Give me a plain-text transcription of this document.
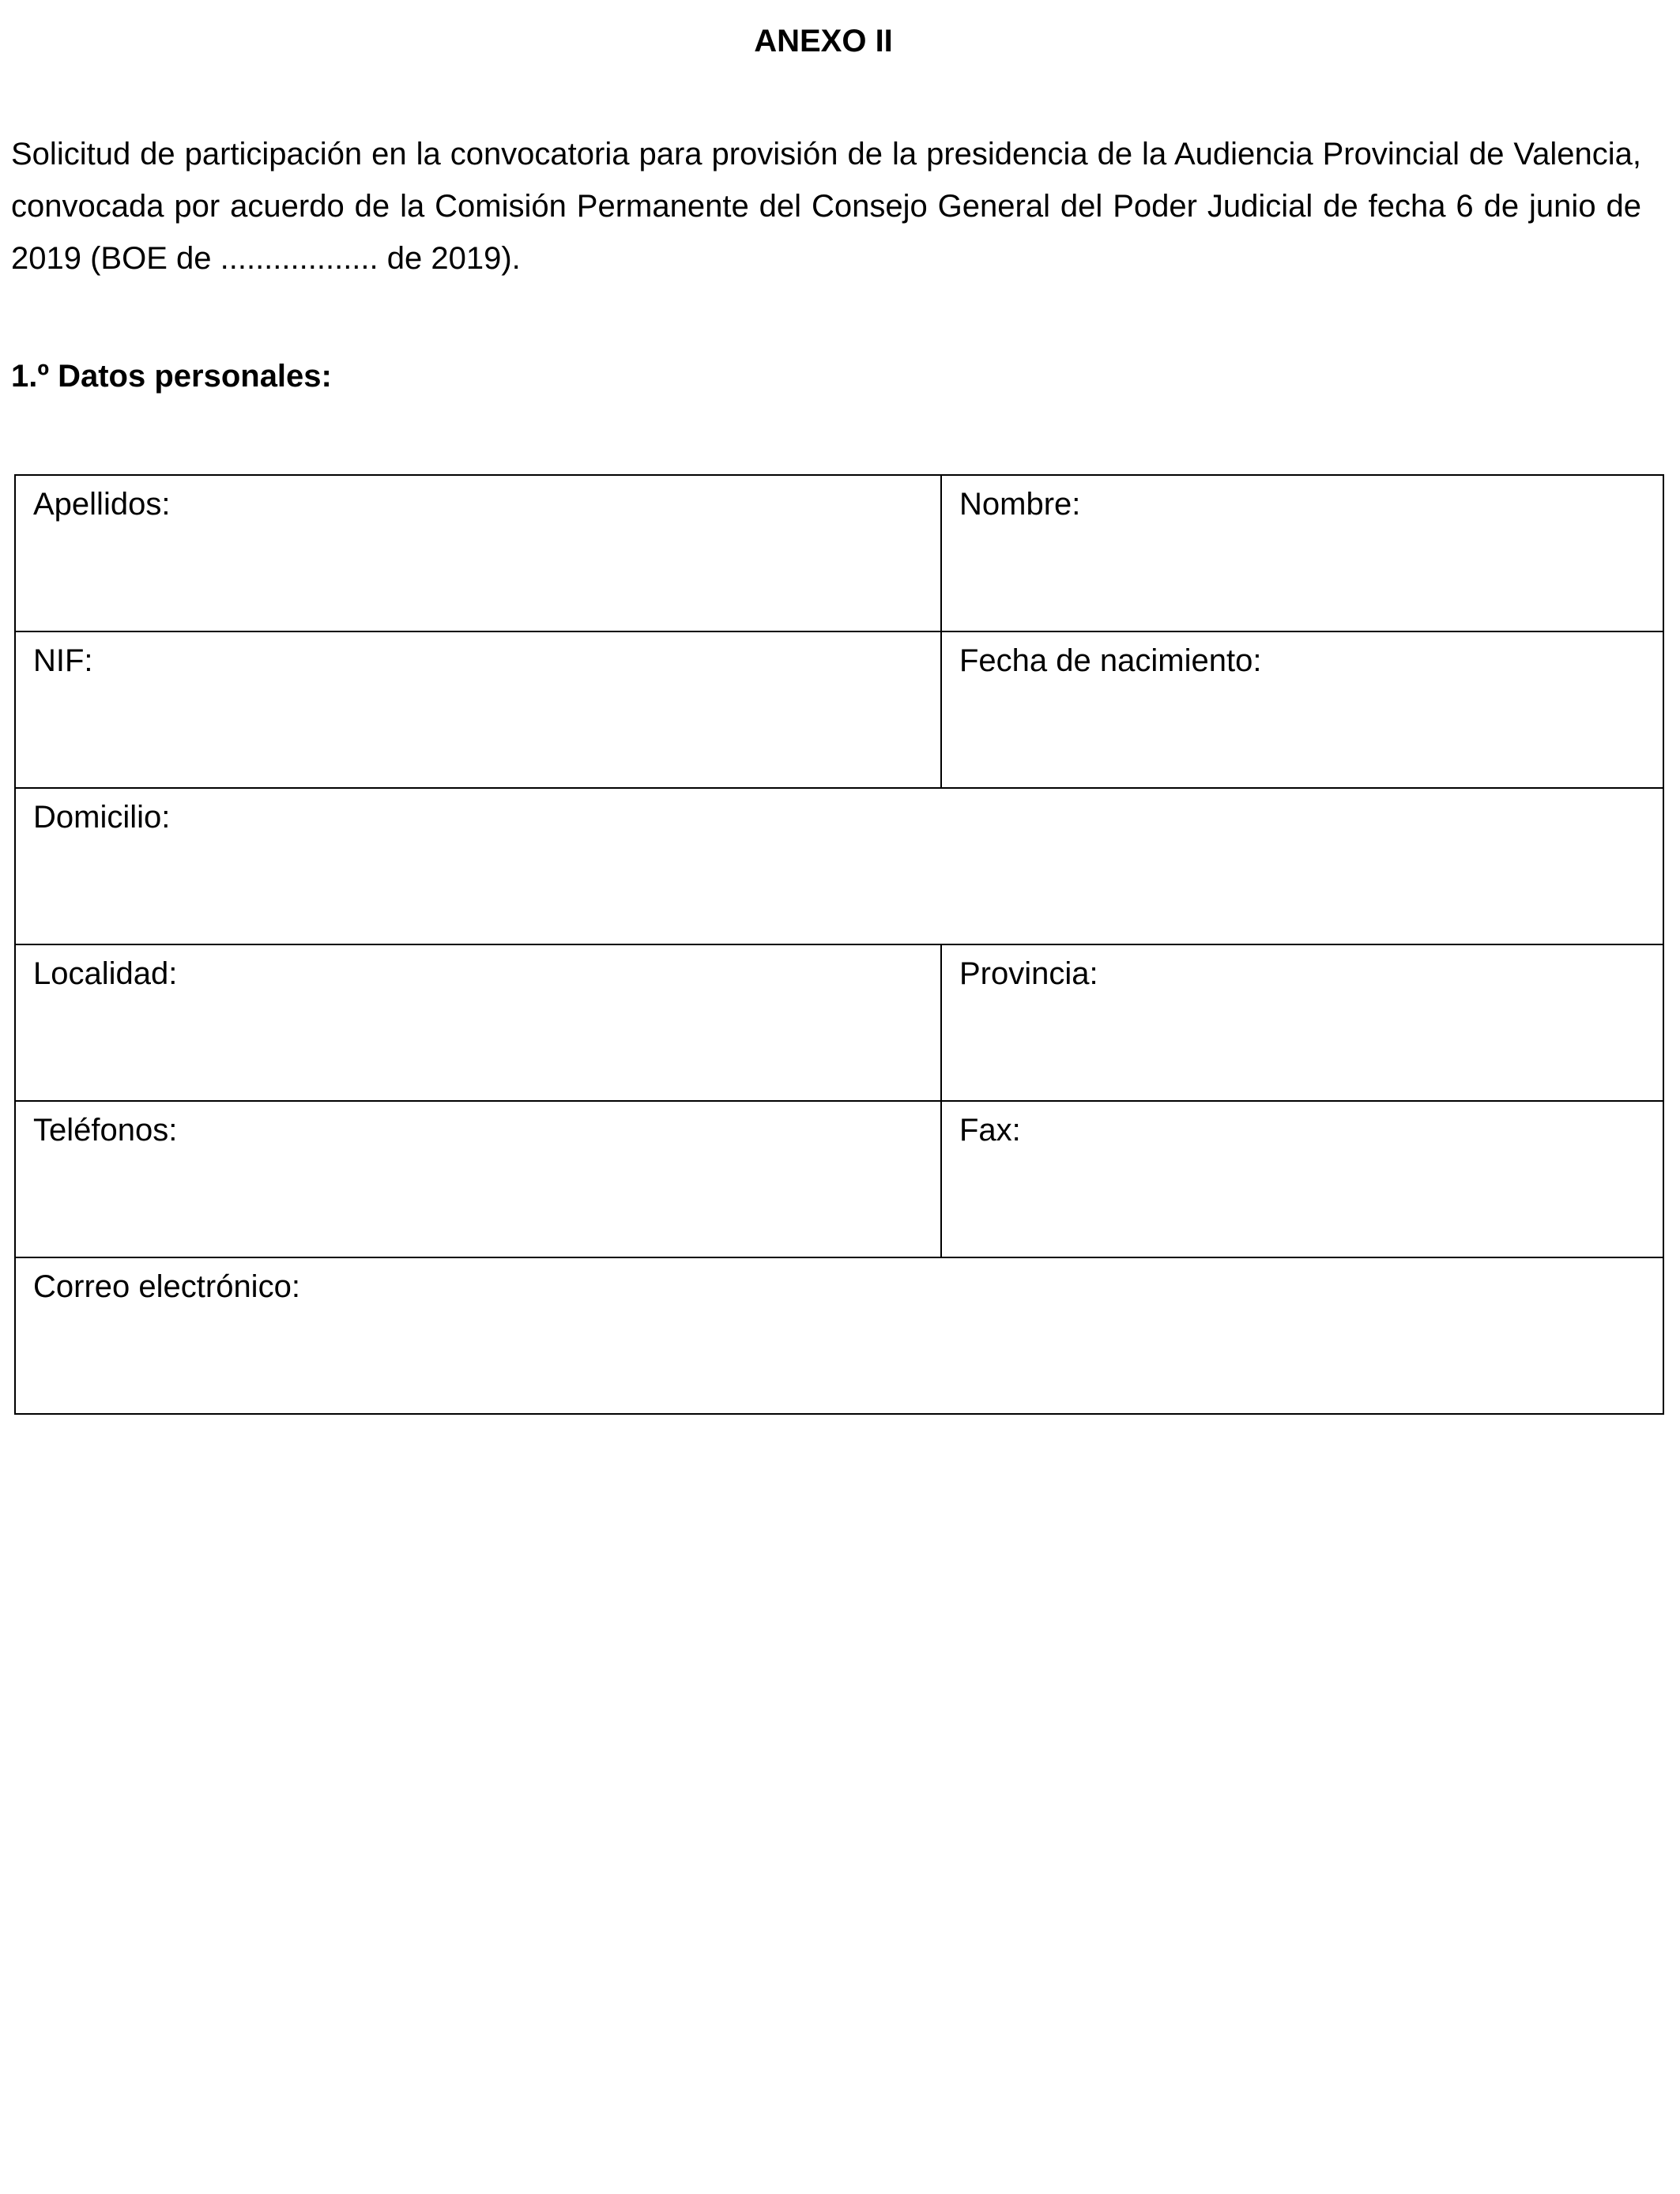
ANEXO II

Solicitud de participación en la convocatoria para provisión de la presidencia de la Audiencia Provincial de Valencia, convocada por acuerdo de la Comisión Permanente del Consejo General del Poder Judicial de fecha 6 de junio de 2019 (BOE de .................. de 2019).

1.º Datos personales:

Apellidos:	Nombre:
NIF:	Fecha de nacimiento:
Domicilio:	
Localidad:	Provincia:
Teléfonos:	Fax:
Correo electrónico:	
